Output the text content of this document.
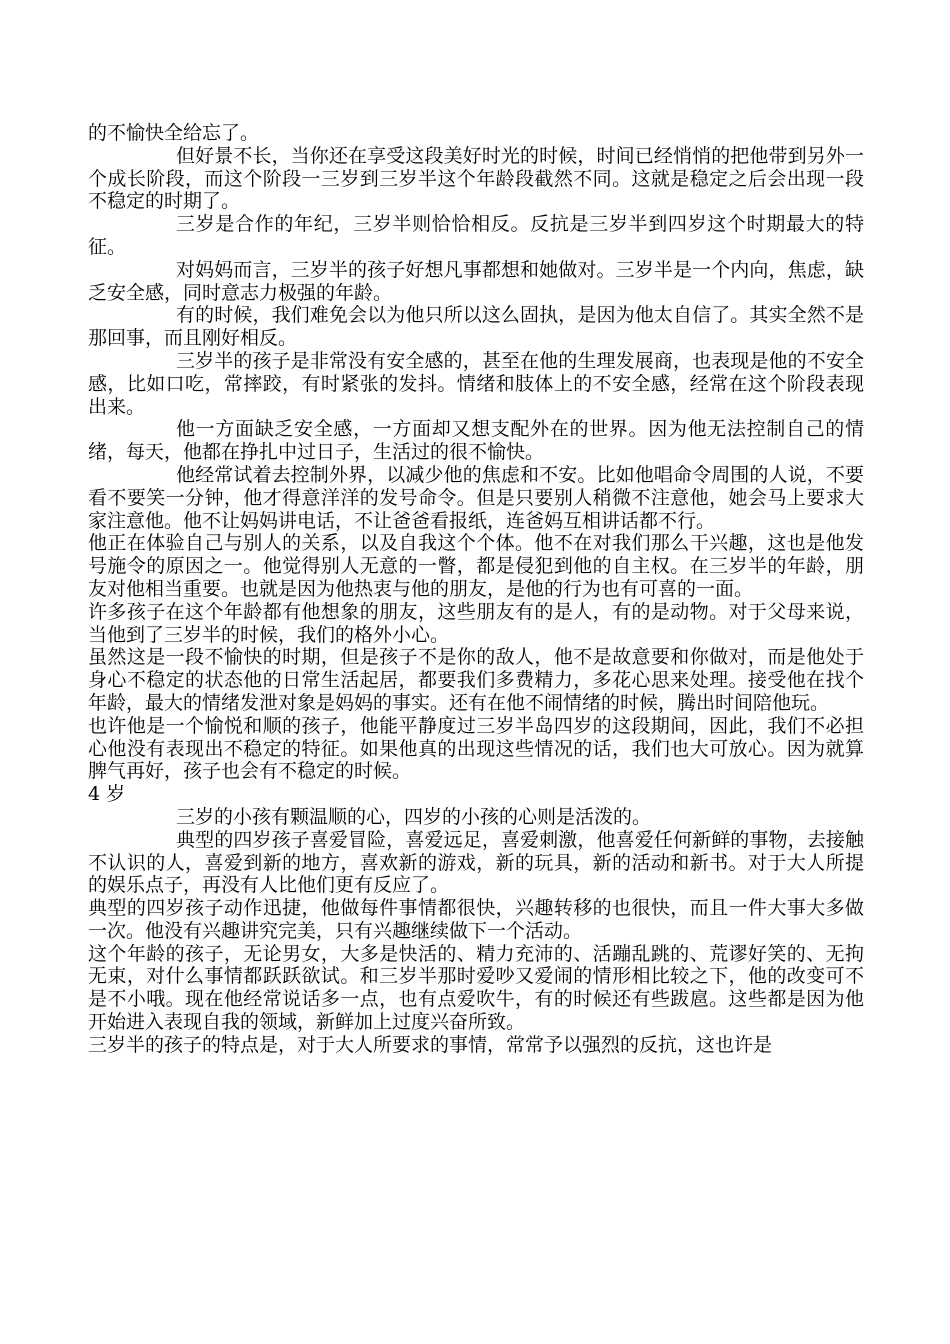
的不愉快全给忘了。

但好景不长，当你还在享受这段美好时光的时候，时间已经悄悄的把他带到另外一个成长阶段，而这个阶段一三岁到三岁半这个年龄段截然不同。这就是稳定之后会出现一段不稳定的时期了。

三岁是合作的年纪，三岁半则恰恰相反。反抗是三岁半到四岁这个时期最大的特征。

对妈妈而言，三岁半的孩子好想凡事都想和她做对。三岁半是一个内向，焦虑，缺乏安全感，同时意志力极强的年龄。

有的时候，我们难免会以为他只所以这么固执，是因为他太自信了。其实全然不是那回事，而且刚好相反。

三岁半的孩子是非常没有安全感的，甚至在他的生理发展商，也表现是他的不安全感，比如口吃，常摔跤，有时紧张的发抖。情绪和肢体上的不安全感，经常在这个阶段表现出来。

他一方面缺乏安全感，一方面却又想支配外在的世界。因为他无法控制自己的情绪，每天，他都在挣扎中过日子，生活过的很不愉快。

他经常试着去控制外界，以减少他的焦虑和不安。比如他唱命令周围的人说，不要看不要笑一分钟，他才得意洋洋的发号命令。但是只要别人稍微不注意他，她会马上要求大家注意他。他不让妈妈讲电话，不让爸爸看报纸，连爸妈互相讲话都不行。

他正在体验自己与别人的关系，以及自我这个个体。他不在对我们那么干兴趣，这也是他发号施令的原因之一。他觉得别人无意的一瞥，都是侵犯到他的自主权。在三岁半的年龄，朋友对他相当重要。也就是因为他热衷与他的朋友，是他的行为也有可喜的一面。

许多孩子在这个年龄都有他想象的朋友，这些朋友有的是人，有的是动物。对于父母来说，当他到了三岁半的时候，我们的格外小心。

虽然这是一段不愉快的时期，但是孩子不是你的敌人，他不是故意要和你做对，而是他处于身心不稳定的状态他的日常生活起居，都要我们多费精力，多花心思来处理。接受他在找个年龄，最大的情绪发泄对象是妈妈的事实。还有在他不闹情绪的时候，腾出时间陪他玩。

也许他是一个愉悦和顺的孩子，他能平静度过三岁半岛四岁的这段期间，因此，我们不必担心他没有表现出不稳定的特征。如果他真的出现这些情况的话，我们也大可放心。因为就算脾气再好，孩子也会有不稳定的时候。

4 岁

三岁的小孩有颗温顺的心，四岁的小孩的心则是活泼的。

典型的四岁孩子喜爱冒险，喜爱远足，喜爱刺激，他喜爱任何新鲜的事物，去接触不认识的人，喜爱到新的地方，喜欢新的游戏，新的玩具，新的活动和新书。对于大人所提的娱乐点子，再没有人比他们更有反应了。

典型的四岁孩子动作迅捷，他做每件事情都很快，兴趣转移的也很快，而且一件大事大多做一次。他没有兴趣讲究完美，只有兴趣继续做下一个活动。

这个年龄的孩子，无论男女，大多是快活的、精力充沛的、活蹦乱跳的、荒谬好笑的、无拘无束，对什么事情都跃跃欲试。和三岁半那时爱吵又爱闹的情形相比较之下，他的改变可不是不小哦。现在他经常说话多一点，也有点爱吹牛，有的时候还有些跋扈。这些都是因为他开始进入表现自我的领域，新鲜加上过度兴奋所致。

三岁半的孩子的特点是，对于大人所要求的事情，常常予以强烈的反抗，这也许是
